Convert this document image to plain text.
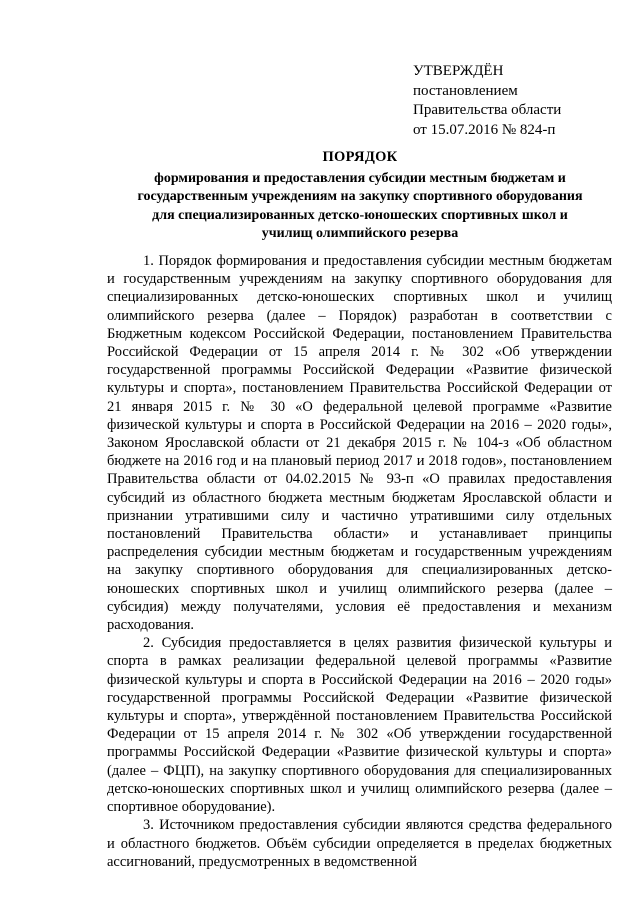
УТВЕРЖДЁН
постановлением
Правительства области
от 15.07.2016 № 824-п
ПОРЯДОК
формирования и предоставления субсидии местным бюджетам и
государственным учреждениям на закупку спортивного оборудования
для специализированных детско-юношеских спортивных школ и
училищ олимпийского резерва

1. Порядок формирования и предоставления субсидии местным бюджетам и государственным учреждениям на закупку спортивного оборудования для специализированных детско-юношеских спортивных школ и училищ олимпийского резерва (далее – Порядок) разработан в соответствии с Бюджетным кодексом Российской Федерации, постановлением Правительства Российской Федерации от 15 апреля 2014 г. № 302 «Об утверждении государственной программы Российской Федерации «Развитие физической культуры и спорта», постановлением Правительства Российской Федерации от 21 января 2015 г. № 30 «О федеральной целевой программе «Развитие физической культуры и спорта в Российской Федерации на 2016 – 2020 годы», Законом Ярославской области от 21 декабря 2015 г. № 104-з «Об областном бюджете на 2016 год и на плановый период 2017 и 2018 годов», постановлением Правительства области от 04.02.2015 № 93-п «О правилах предоставления субсидий из областного бюджета местным бюджетам Ярославской области и признании утратившими силу и частично утратившими силу отдельных постановлений Правительства области» и устанавливает принципы распределения субсидии местным бюджетам и государственным учреждениям на закупку спортивного оборудования для специализированных детско-юношеских спортивных школ и училищ олимпийского резерва (далее – субсидия) между получателями, условия её предоставления и механизм расходования.

2. Субсидия предоставляется в целях развития физической культуры и спорта в рамках реализации федеральной целевой программы «Развитие физической культуры и спорта в Российской Федерации на 2016 – 2020 годы» государственной программы Российской Федерации «Развитие физической культуры и спорта», утверждённой постановлением Правительства Российской Федерации от 15 апреля 2014 г. № 302 «Об утверждении государственной программы Российской Федерации «Развитие физической культуры и спорта» (далее – ФЦП), на закупку спортивного оборудования для специализированных детско-юношеских спортивных школ и училищ олимпийского резерва (далее – спортивное оборудование).

3. Источником предоставления субсидии являются средства федерального и областного бюджетов. Объём субсидии определяется в пределах бюджетных ассигнований, предусмотренных в ведомственной
